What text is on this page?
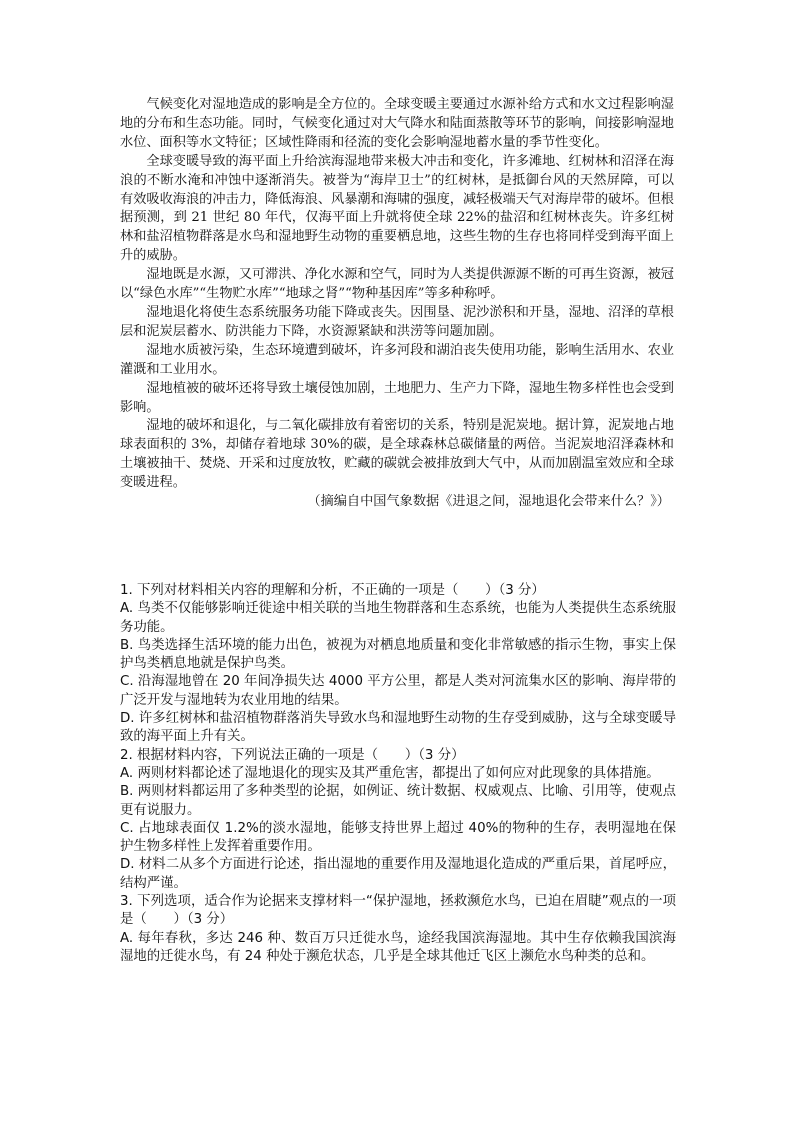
气候变化对湿地造成的影响是全方位的。全球变暖主要通过水源补给方式和水文过程影响湿地的分布和生态功能。同时，气候变化通过对大气降水和陆面蒸散等环节的影响，间接影响湿地水位、面积等水文特征；区域性降雨和径流的变化会影响湿地蓄水量的季节性变化。

全球变暖导致的海平面上升给滨海湿地带来极大冲击和变化，许多滩地、红树林和沼泽在海浪的不断水淹和冲蚀中逐渐消失。被誉为“海岸卫士”的红树林，是抵御台风的天然屏障，可以有效吸收海浪的冲击力，降低海浪、风暴潮和海啸的强度，减轻极端天气对海岸带的破坏。但根据预测，到 21 世纪 80 年代，仅海平面上升就将使全球 22%的盐沼和红树林丧失。许多红树林和盐沼植物群落是水鸟和湿地野生动物的重要栖息地，这些生物的生存也将同样受到海平面上升的威胁。

湿地既是水源，又可滞洪、净化水源和空气，同时为人类提供源源不断的可再生资源，被冠以“绿色水库”“生物贮水库”“地球之肾”“物种基因库”等多种称呼。

湿地退化将使生态系统服务功能下降或丧失。因围垦、泥沙淤积和开垦，湿地、沼泽的草根层和泥炭层蓄水、防洪能力下降，水资源紧缺和洪涝等问题加剧。

湿地水质被污染，生态环境遭到破坏，许多河段和湖泊丧失使用功能，影响生活用水、农业灌溉和工业用水。

湿地植被的破坏还将导致土壤侵蚀加剧，土地肥力、生产力下降，湿地生物多样性也会受到影响。

湿地的破坏和退化，与二氧化碳排放有着密切的关系，特别是泥炭地。据计算，泥炭地占地球表面积的 3%，却储存着地球 30%的碳，是全球森林总碳储量的两倍。当泥炭地沼泽森林和土壤被抽干、焚烧、开采和过度放牧，贮藏的碳就会被排放到大气中，从而加剧温室效应和全球变暖进程。

（摘编自中国气象数据《进退之间，湿地退化会带来什么？》）

1. 下列对材料相关内容的理解和分析，不正确的一项是（　　）（3 分）

A. 鸟类不仅能够影响迁徙途中相关联的当地生物群落和生态系统，也能为人类提供生态系统服务功能。

B. 鸟类选择生活环境的能力出色，被视为对栖息地质量和变化非常敏感的指示生物，事实上保护鸟类栖息地就是保护鸟类。

C. 沿海湿地曾在 20 年间净损失达 4000 平方公里，都是人类对河流集水区的影响、海岸带的广泛开发与湿地转为农业用地的结果。

D. 许多红树林和盐沼植物群落消失导致水鸟和湿地野生动物的生存受到威胁，这与全球变暖导致的海平面上升有关。

2. 根据材料内容，下列说法正确的一项是（　　）（3 分）

A. 两则材料都论述了湿地退化的现实及其严重危害，都提出了如何应对此现象的具体措施。

B. 两则材料都运用了多种类型的论据，如例证、统计数据、权威观点、比喻、引用等，使观点更有说服力。

C. 占地球表面仅 1.2%的淡水湿地，能够支持世界上超过 40%的物种的生存，表明湿地在保护生物多样性上发挥着重要作用。

D. 材料二从多个方面进行论述，指出湿地的重要作用及湿地退化造成的严重后果，首尾呼应，结构严谨。

3. 下列选项，适合作为论据来支撑材料一“保护湿地，拯救濒危水鸟，已迫在眉睫”观点的一项是（　　）（3 分）

A. 每年春秋，多达 246 种、数百万只迁徙水鸟，途经我国滨海湿地。其中生存依赖我国滨海湿地的迁徙水鸟，有 24 种处于濒危状态，几乎是全球其他迁飞区上濒危水鸟种类的总和。
